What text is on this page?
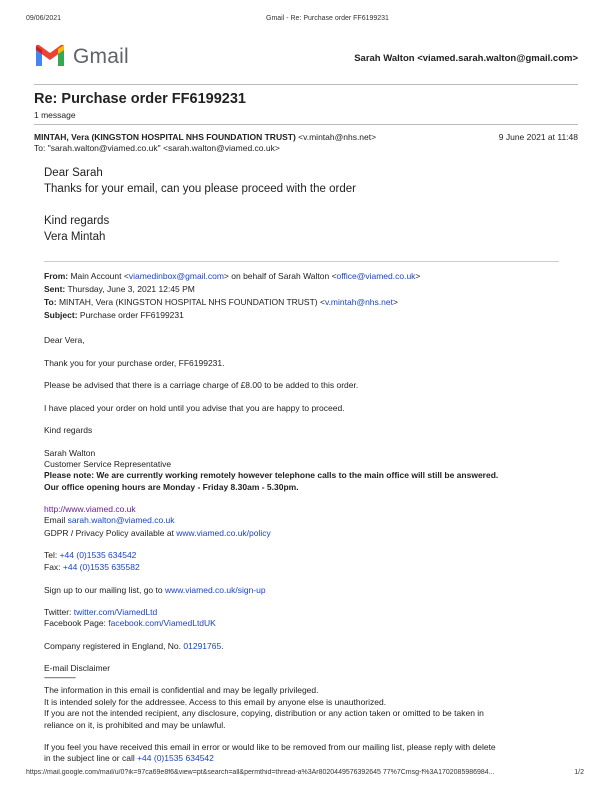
09/06/2021	Gmail - Re: Purchase order FF6199231
Gmail	Sarah Walton <viamed.sarah.walton@gmail.com>
Re: Purchase order FF6199231
1 message
MINTAH, Vera (KINGSTON HOSPITAL NHS FOUNDATION TRUST) <v.mintah@nhs.net>	9 June 2021 at 11:48
To: "sarah.walton@viamed.co.uk" <sarah.walton@viamed.co.uk>
Dear Sarah
Thanks for your email, can you please proceed with the order
Kind regards
Vera Mintah
From: Main Account <viamedinbox@gmail.com> on behalf of Sarah Walton <office@viamed.co.uk>
Sent: Thursday, June 3, 2021 12:45 PM
To: MINTAH, Vera (KINGSTON HOSPITAL NHS FOUNDATION TRUST) <v.mintah@nhs.net>
Subject: Purchase order FF6199231
Dear Vera,
Thank you for your purchase order, FF6199231.
Please be advised that there is a carriage charge of £8.00 to be added to this order.
I have placed your order on hold until you advise that you are happy to proceed.
Kind regards
Sarah Walton
Customer Service Representative
Please note: We are currently working remotely however telephone calls to the main office will still be answered.
Our office opening hours are Monday - Friday 8.30am - 5.30pm.
http://www.viamed.co.uk
Email sarah.walton@viamed.co.uk
GDPR / Privacy Policy available at www.viamed.co.uk/policy
Tel: +44 (0)1535 634542
Fax: +44 (0)1535 635582
Sign up to our mailing list, go to www.viamed.co.uk/sign-up
Twitter: twitter.com/ViamedLtd
Facebook Page: facebook.com/ViamedLtdUK
Company registered in England, No. 01291765.
E-mail Disclaimer
-----------------
The information in this email is confidential and may be legally privileged.
It is intended solely for the addressee. Access to this email by anyone else is unauthorized.
If you are not the intended recipient, any disclosure, copying, distribution or any action taken or omitted to be taken in
reliance on it, is prohibited and may be unlawful.
If you feel you have received this email in error or would like to be removed from our mailing list, please reply with delete
in the subject line or call +44 (0)1535 634542
https://mail.google.com/mail/u/0?ik=97ca69e8f6&view=pt&search=all&permthid=thread-a%3Ar8020449576392645 77%7Cmsg-f%3A1702085986984...	1/2
